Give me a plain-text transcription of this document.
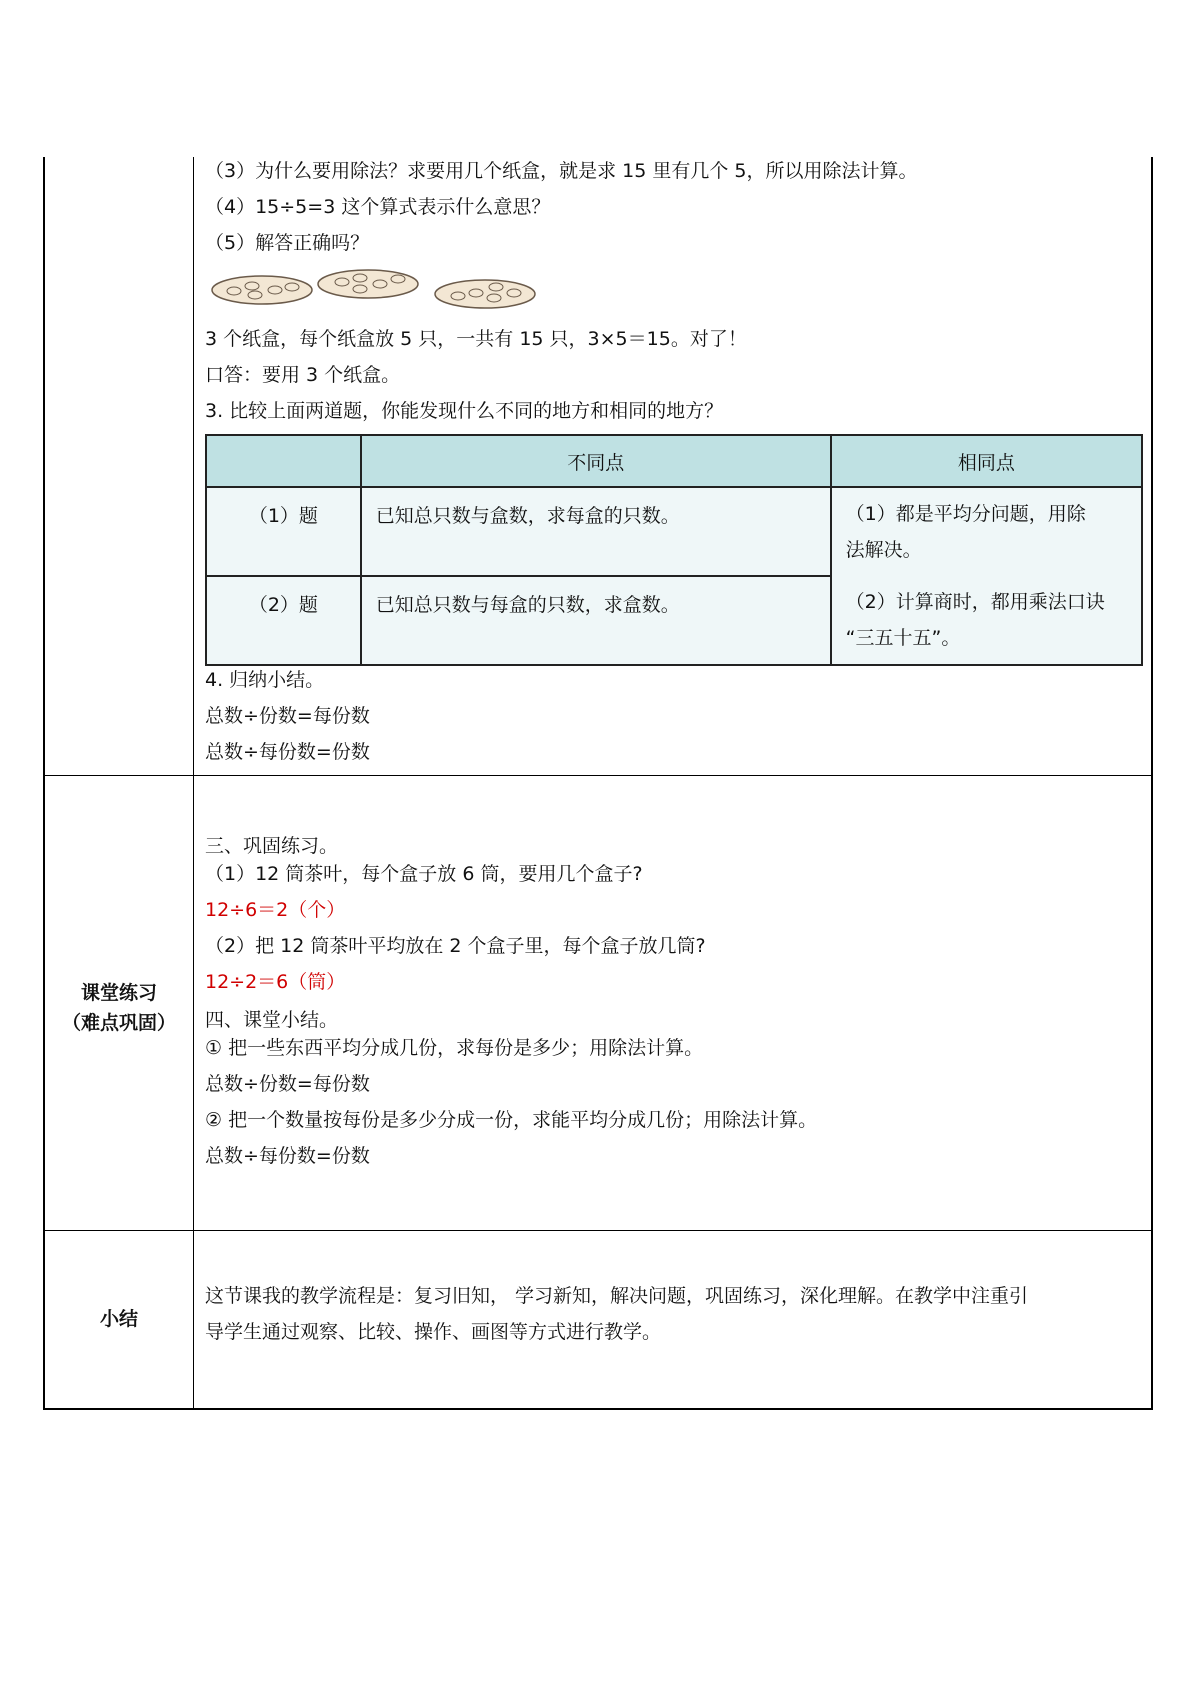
（3）为什么要用除法？求要用几个纸盒，就是求 15 里有几个 5，所以用除法计算。
（4）15÷5=3 这个算式表示什么意思？
（5）解答正确吗？
3 个纸盒，每个纸盒放 5 只，一共有 15 只，3×5＝15。对了！
口答：要用 3 个纸盒。
3. 比较上面两道题，你能发现什么不同的地方和相同的地方？
	不同点	相同点

（1）题	已知总只数与盒数，求每盒的只数。	（1）都是平均分问题，用除
法解决。
（2）计算商时，都用乘法口诀
“三五十五”。

（2）题	已知总只数与每盒的只数，求盒数。	
4. 归纳小结。
总数÷份数=每份数
总数÷每份数=份数
课堂练习
（难点巩固）
三、巩固练习。
（1）12 筒茶叶，每个盒子放 6 筒，要用几个盒子?
12÷6＝2（个）
（2）把 12 筒茶叶平均放在 2 个盒子里，每个盒子放几筒?
12÷2＝6（筒）
四、课堂小结。
① 把一些东西平均分成几份，求每份是多少；用除法计算。
总数÷份数=每份数
② 把一个数量按每份是多少分成一份，求能平均分成几份；用除法计算。
总数÷每份数=份数
小结
这节课我的教学流程是：复习旧知， 学习新知，解决问题，巩固练习，深化理解。在教学中注重引
导学生通过观察、比较、操作、画图等方式进行教学。
